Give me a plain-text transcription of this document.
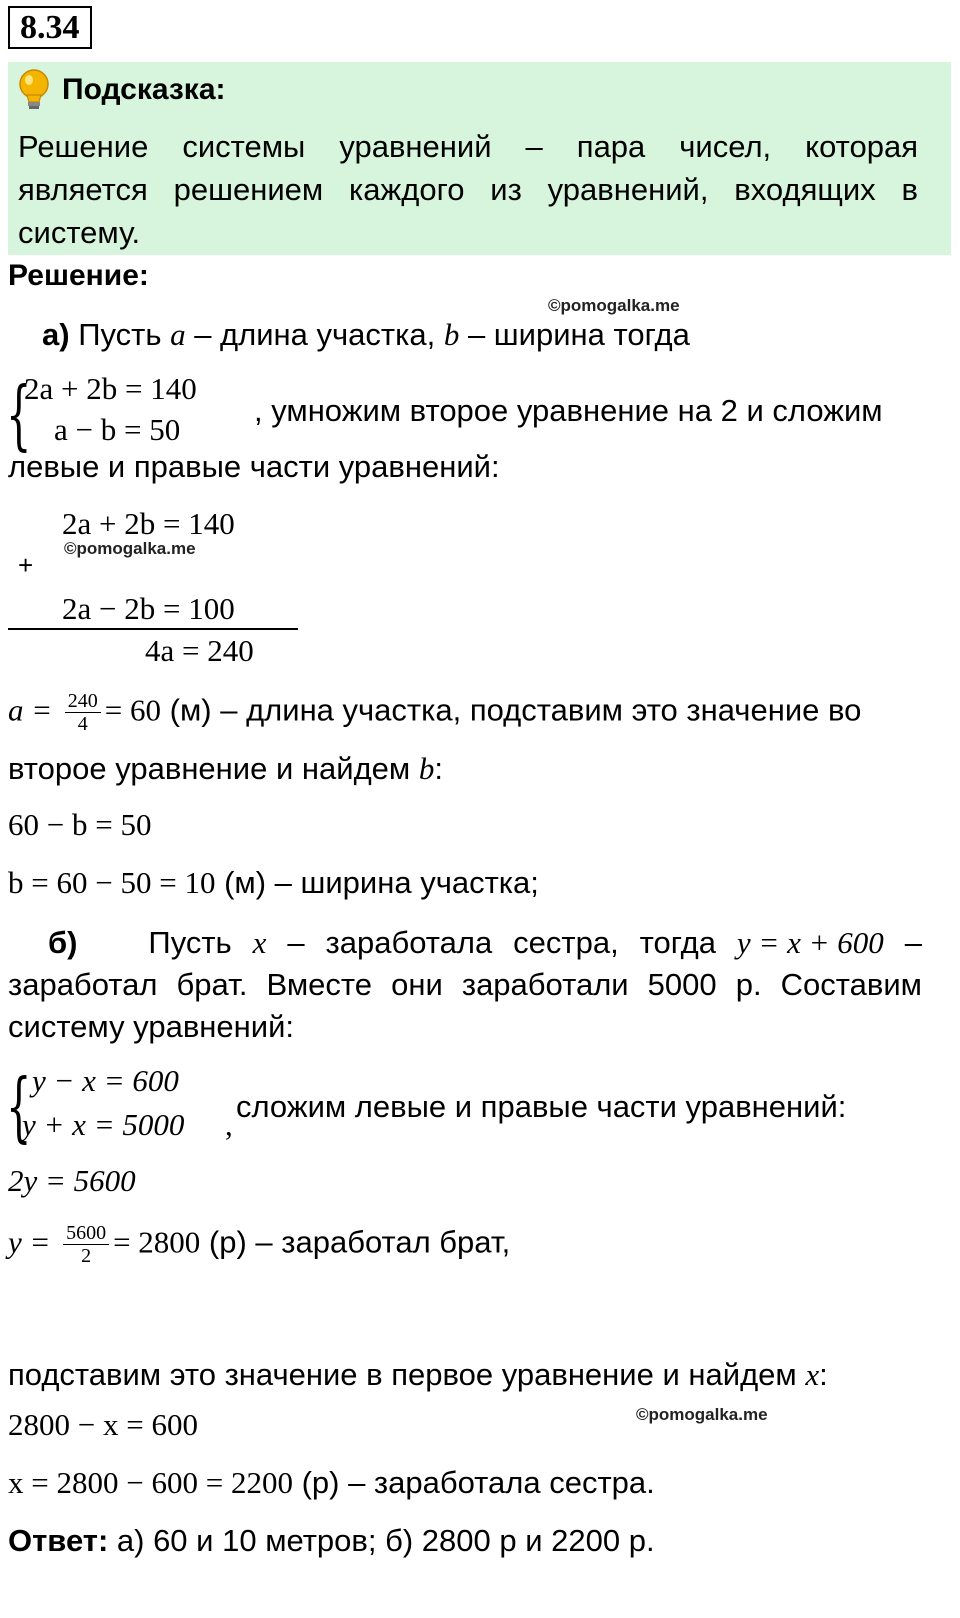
8.34
Подсказка:
Решение системы уравнений – пара чисел, которая
является решением каждого из уравнений, входящих в
систему.
Решение:
©pomogalka.me
а) Пусть a – длина участка, b – ширина тогда
{
2a + 2b = 140
a − b = 50
, умножим второе уравнение на 2 и сложим
левые и правые части уравнений:
2a + 2b = 140
©pomogalka.me
+
2a − 2b = 100
4a = 240
$a = \frac{240}{4} = 60$ (м) – длина участка, подставим это значение во
второе уравнение и найдем b:
60 − b = 50
b = 60 − 50 = 10 (м) – ширина участка;
б) Пусть x – заработала сестра, тогда y = x + 600 –
заработал брат. Вместе они заработали 5000 р. Составим
систему уравнений:
{ y − x = 600
y + x = 5000 ,
сложим левые и правые части уравнений:
2y = 5600
$y = \frac{5600}{2} = 2800$ (р) – заработал брат,
подставим это значение в первое уравнение и найдем x:
©pomogalka.me
2800 − x = 600
x = 2800 − 600 = 2200 (р) – заработала сестра.
Ответ: а) 60 и 10 метров; б) 2800 р и 2200 р.
